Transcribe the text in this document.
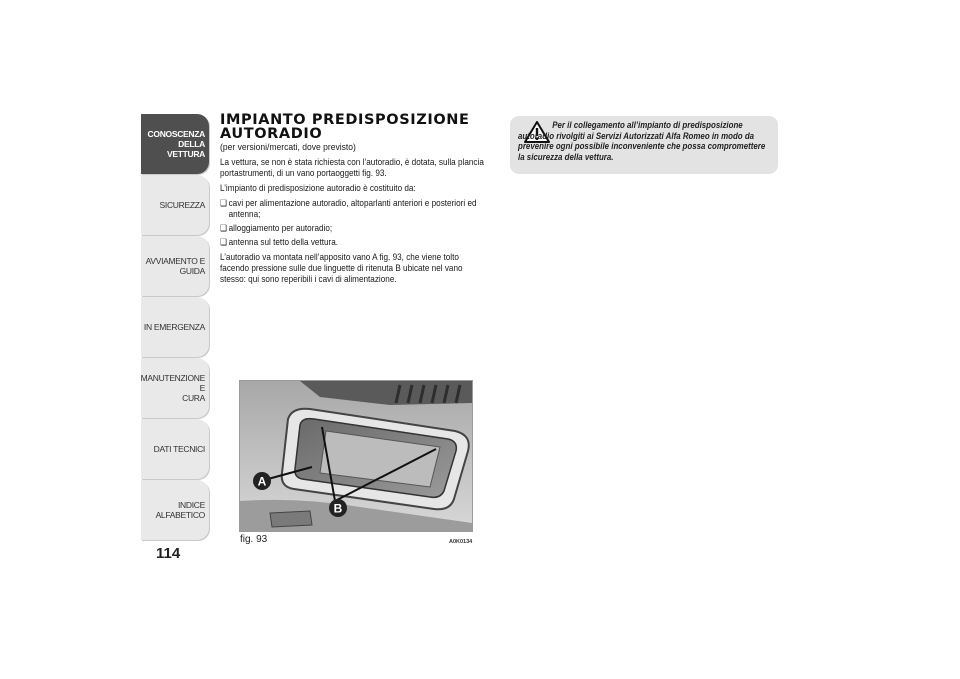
CONOSCENZA
DELLA VETTURA
SICUREZZA
AVVIAMENTO E
GUIDA
IN EMERGENZA
MANUTENZIONE E
CURA
DATI TECNICI
INDICE ALFABETICO
114
IMPIANTO PREDISPOSIZIONE
AUTORADIO

(per versioni/mercati, dove previsto)

La vettura, se non è stata richiesta con l’autoradio, è dotata, sulla plancia portastrumenti, di un vano portaoggetti fig. 93.

L’impianto di predisposizione autoradio è costituito da:

❏ cavi per alimentazione autoradio, altoparlanti anteriori e posteriori ed antenna;
❏ alloggiamento per autoradio;
❏ antenna sul tetto della vettura.

L’autoradio va montata nell’apposito vano A fig. 93, che viene tolto facendo pressione sulle due linguette di ritenuta B ubicate nel vano stesso: qui sono reperibili i cavi di alimentazione.

A
B
fig. 93	A0K0134

Per il collegamento all’impianto di predisposizione autoradio rivolgiti ai Servizi Autorizzati Alfa Romeo in modo da prevenire ogni possibile inconveniente che possa compromettere la sicurezza della vettura.
